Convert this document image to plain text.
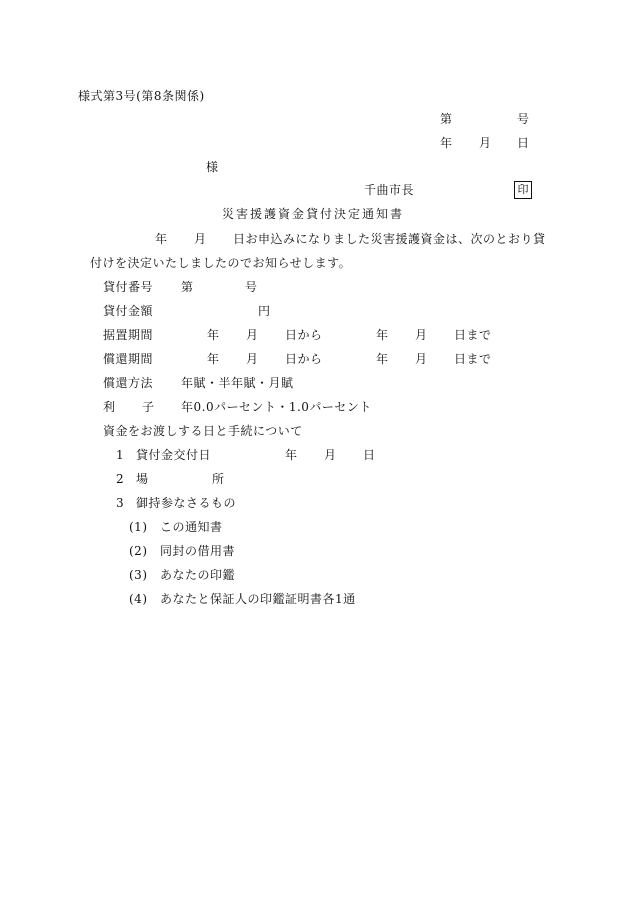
様式第3号(第8条関係)
第	号
年 月 日
様
千曲市長	印
災害援護資金貸付決定通知書
年 月 日お申込みになりました災害援護資金は、次のとおり貸
付けを決定いたしましたのでお知らせします。
貸付番号 第	号
貸付金額	円
据置期間	年 月 日から	年 月 日まで
償還期間	年 月 日から	年 月 日まで
償還方法 年賦・半年賦・月賦
利 子 年0.0パーセント・1.0パーセント
資金をお渡しする日と手続について
1 貸付金交付日	年 月 日
2 場	所
3 御持参なさるもの
(1) この通知書
(2) 同封の借用書
(3) あなたの印鑑
(4) あなたと保証人の印鑑証明書各1通
